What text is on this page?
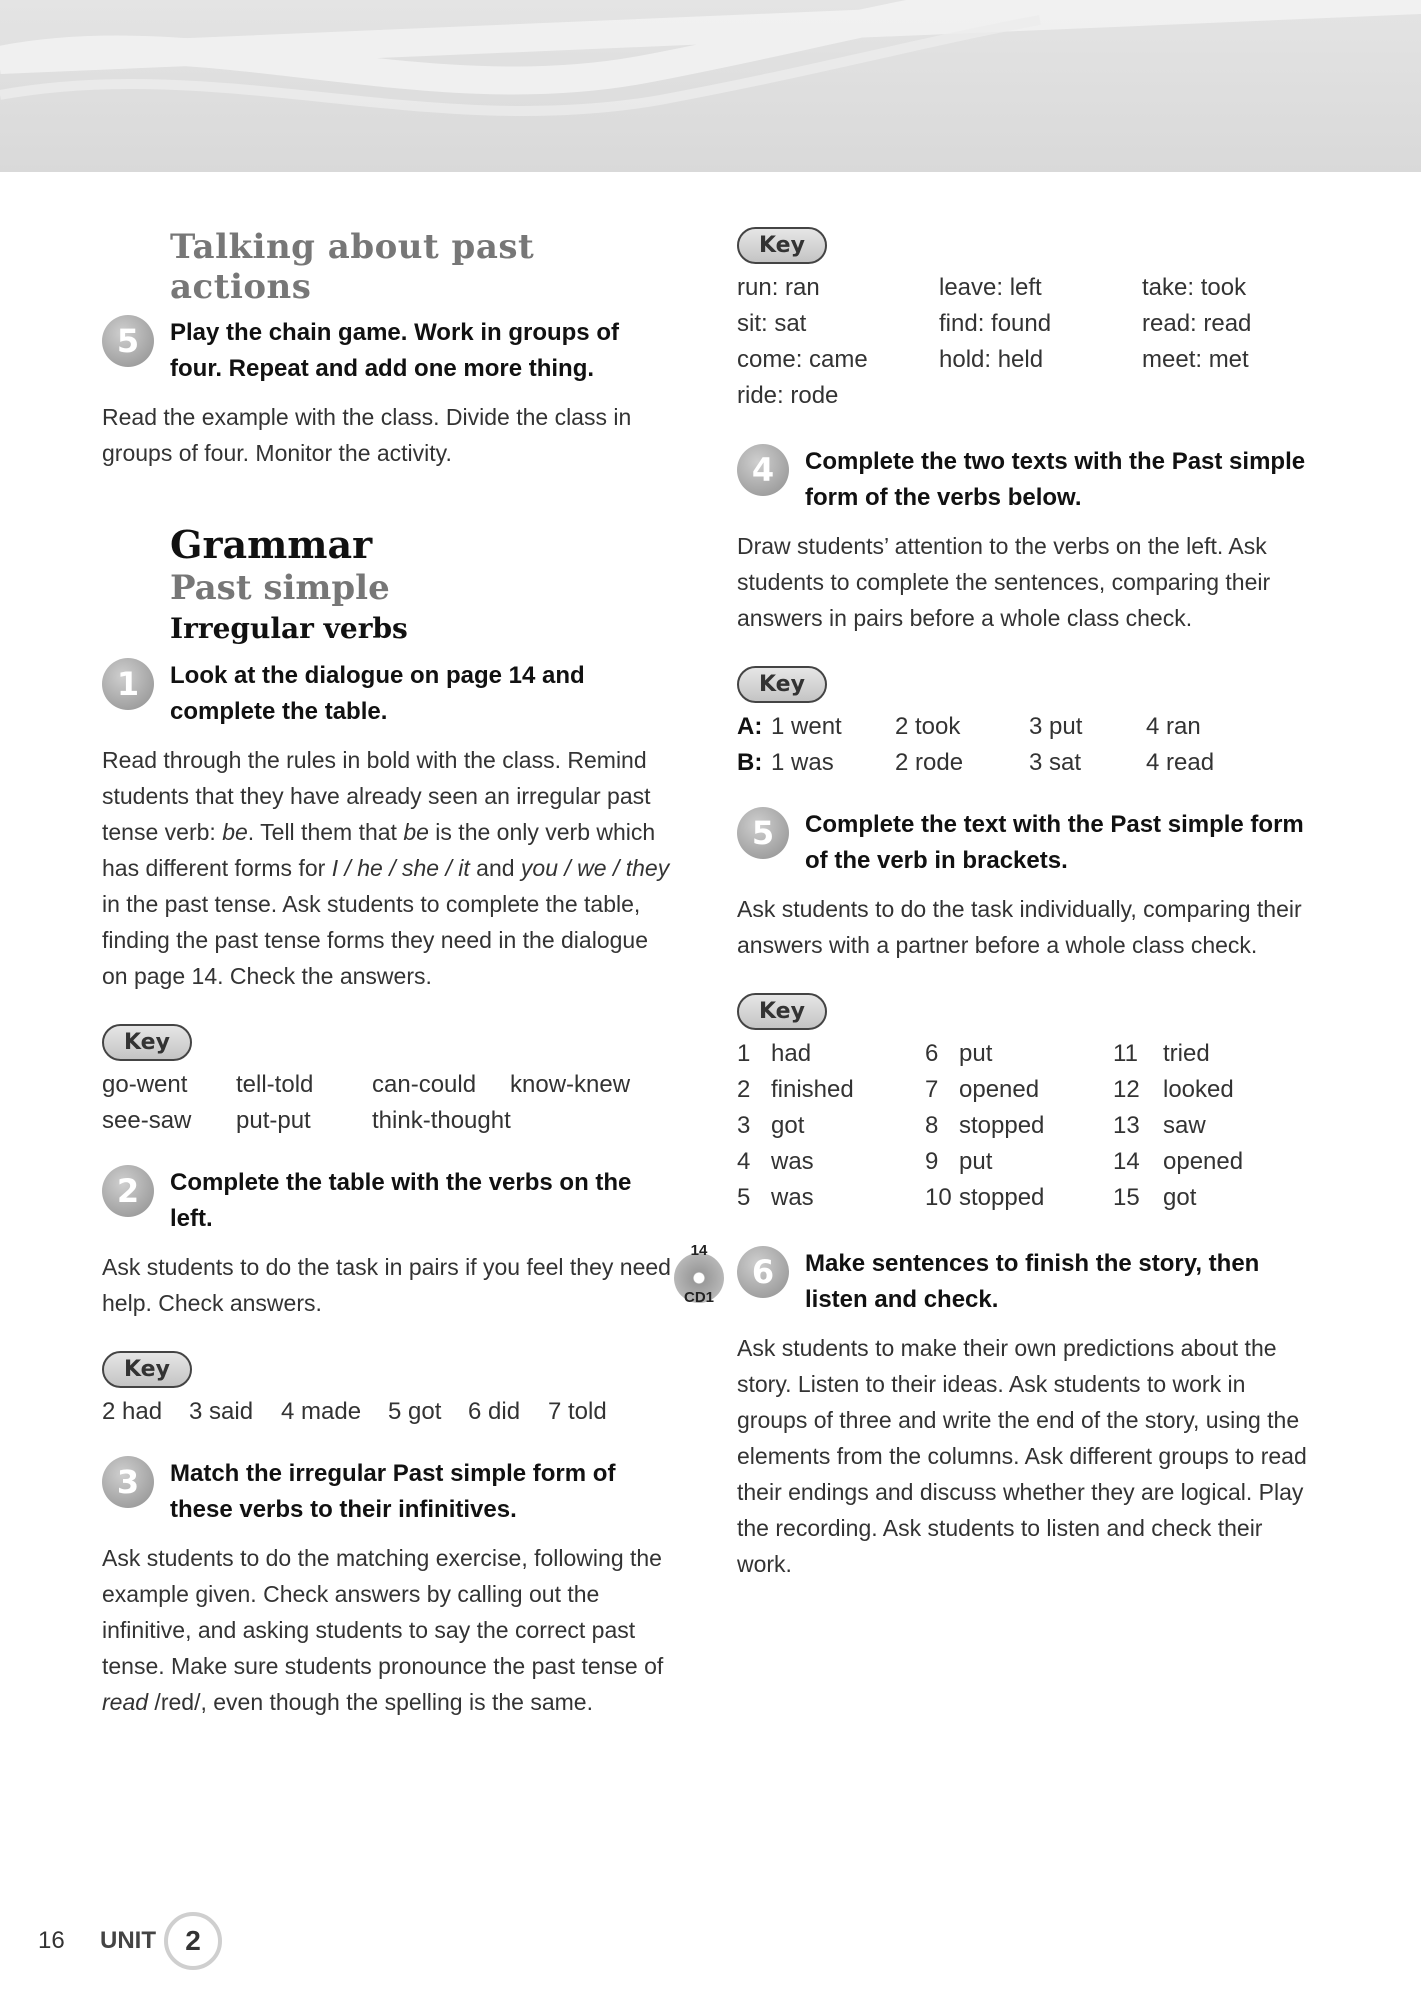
Talking about past actions
5	Play the chain game. Work in groups of four. Repeat and add one more thing.

Read the example with the class. Divide the class in groups of four. Monitor the activity.

Grammar
Past simple
Irregular verbs
1	Look at the dialogue on page 14 and complete the table.

Read through the rules in bold with the class. Remind students that they have already seen an irregular past tense verb: be. Tell them that be is the only verb which has different forms for I / he / she / it and you / we / they in the past tense. Ask students to complete the table, finding the past tense forms they need in the dialogue on page 14. Check the answers.

Key
go-went	tell-told	can-could	know-knew
see-saw	put-put	think-thought
2	Complete the table with the verbs on the left.

Ask students to do the task in pairs if you feel they need help. Check answers.

Key
2 had	3 said	4 made	5 got	6 did	7 told
3	Match the irregular Past simple form of these verbs to their infinitives.

Ask students to do the matching exercise, following the example given. Check answers by calling out the infinitive, and asking students to say the correct past tense. Make sure students pronounce the past tense of read /red/, even though the spelling is the same.

Key
run: ran	leave: left	take: took
sit: sat	find: found	read: read
come: came	hold: held	meet: met
ride: rode
4	Complete the two texts with the Past simple form of the verbs below.

Draw students’ attention to the verbs on the left. Ask students to complete the sentences, comparing their answers in pairs before a whole class check.

Key
A: 1 went	2 took	3 put	4 ran
B: 1 was	2 rode	3 sat	4 read
5	Complete the text with the Past simple form of the verb in brackets.

Ask students to do the task individually, comparing their answers with a partner before a whole class check.

Key
1 had	6 put	11	tried
2 finished	7 opened	12 looked
3 got	8 stopped	13 saw
4 was	9 put	14 opened
5 was	10 stopped	15 got
14
CD1
6	Make sentences to finish the story, then listen and check.

Ask students to make their own predictions about the story. Listen to their ideas. Ask students to work in groups of three and write the end of the story, using the elements from the columns. Ask different groups to read their endings and discuss whether they are logical. Play the recording. Ask students to listen and check their work.

16	UNIT	2
